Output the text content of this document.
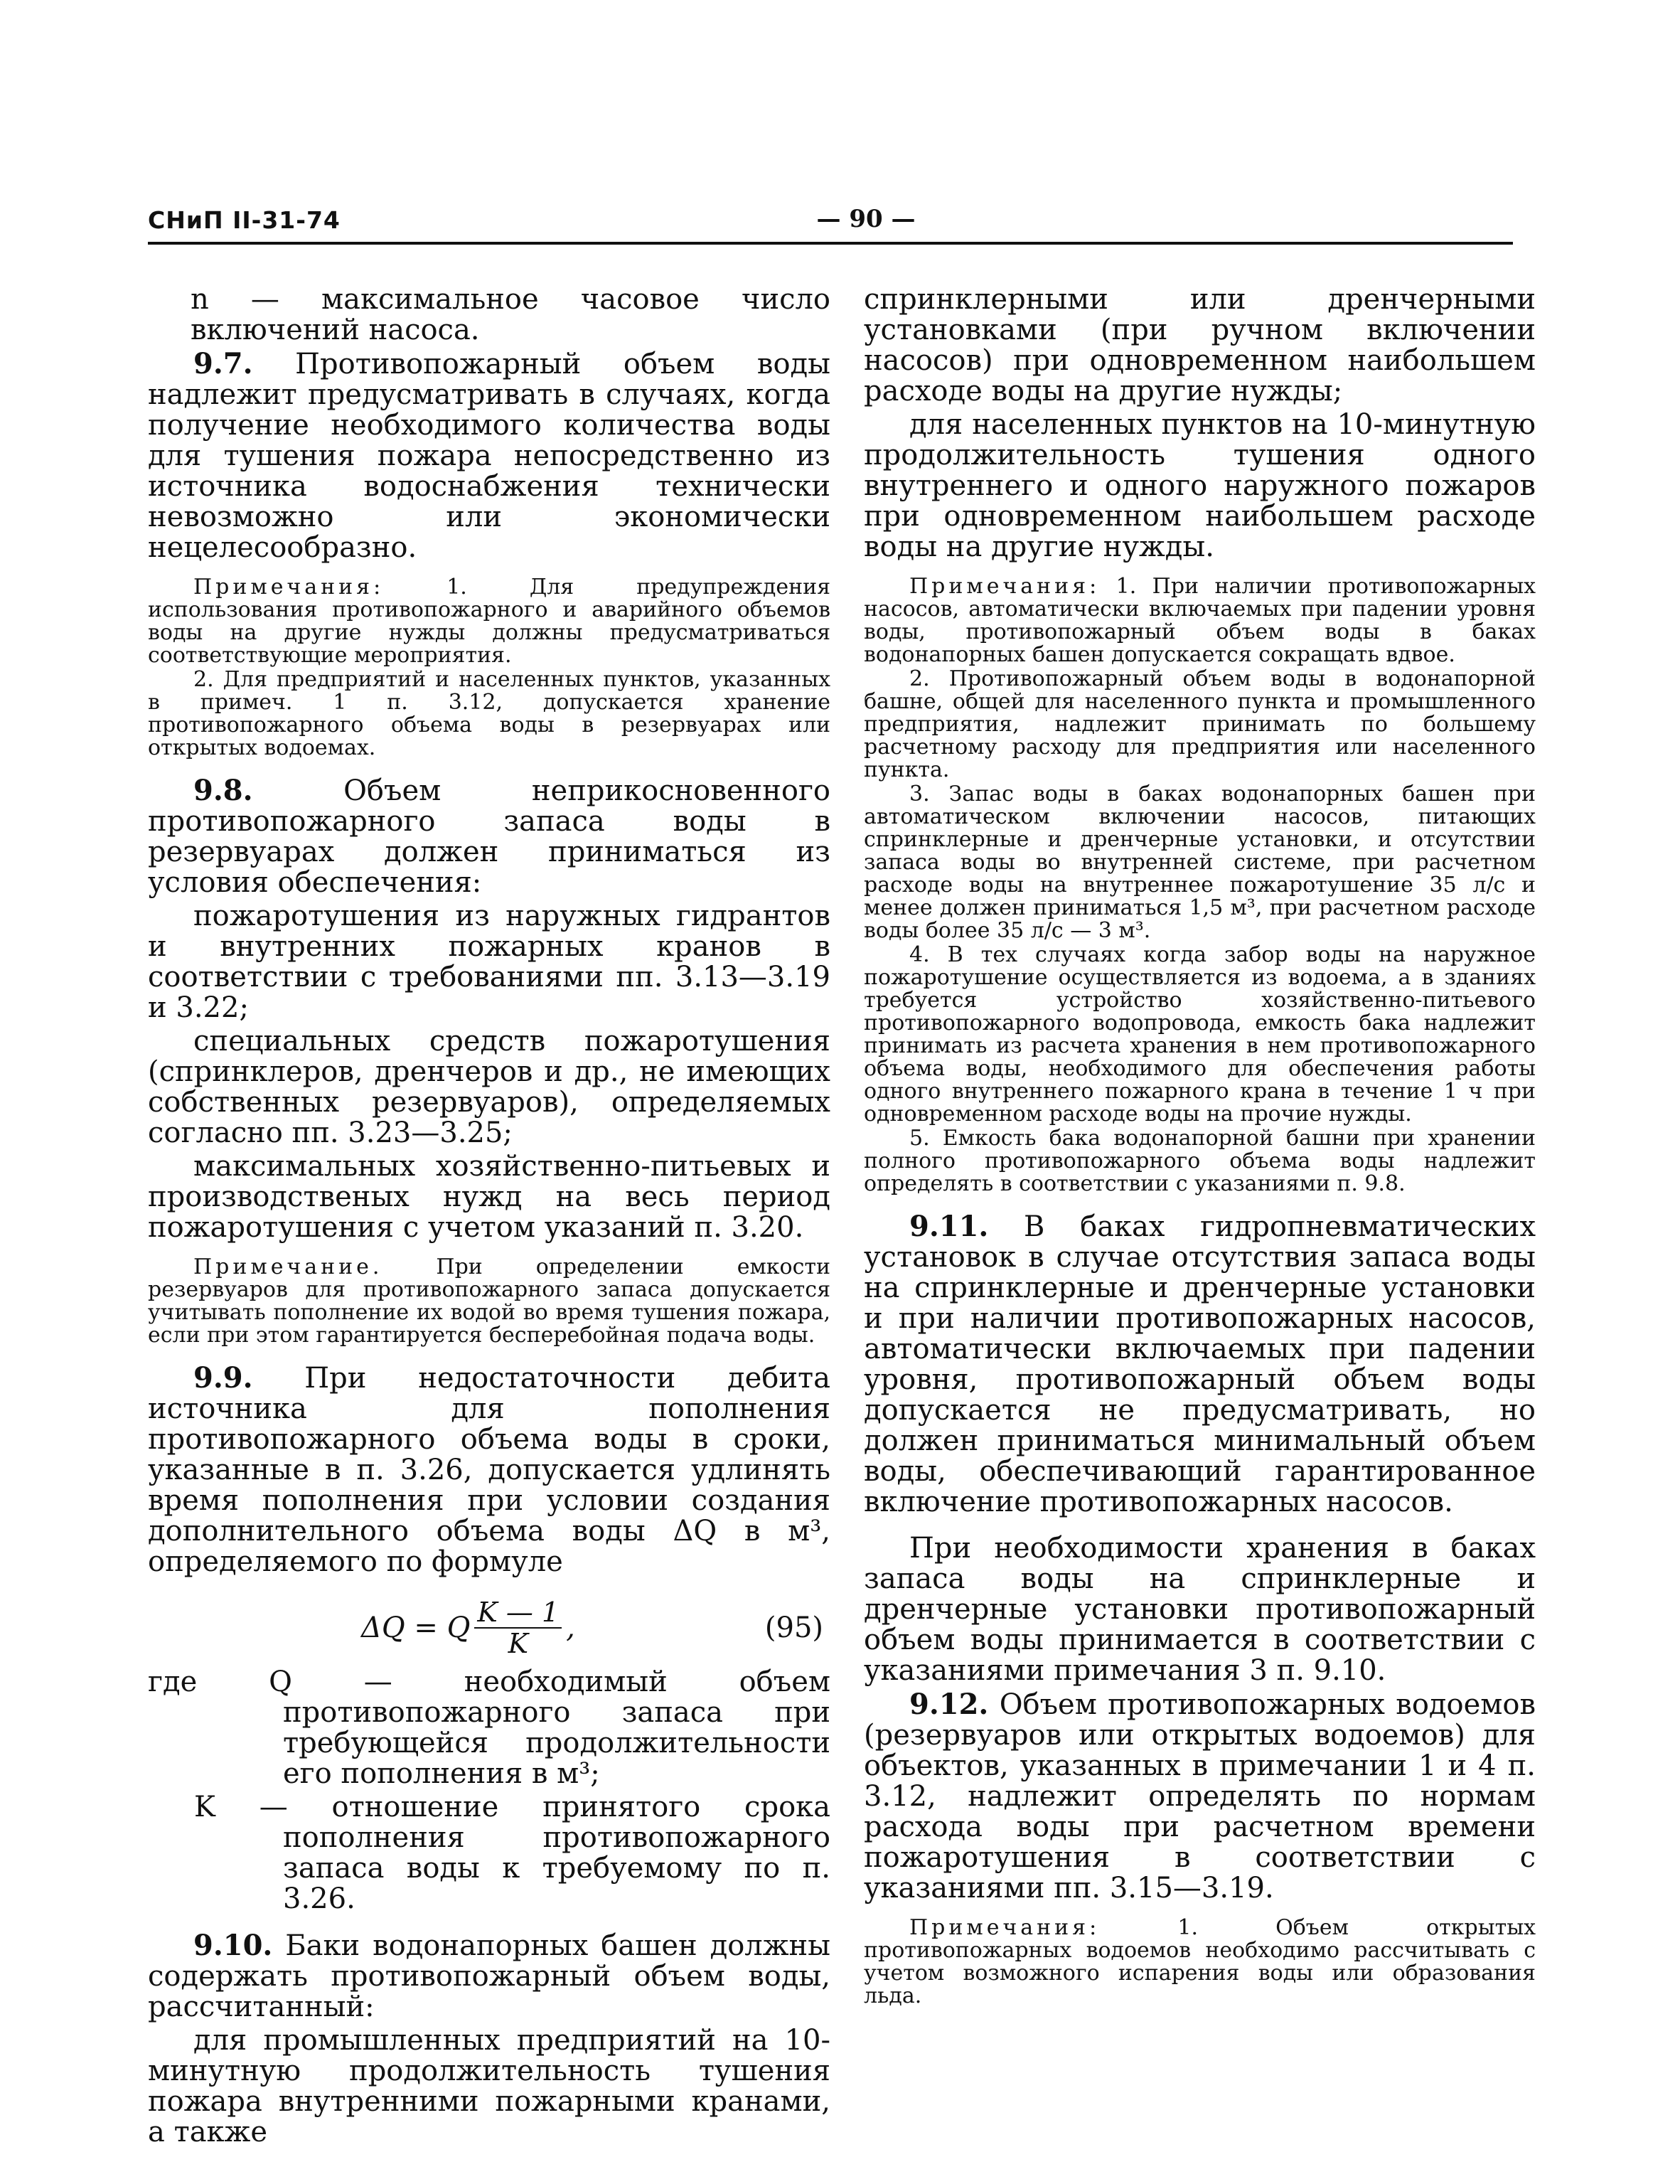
СНиП II-31-74	— 90 —

n — максимальное часовое число включений насоса.

9.7. Противопожарный объем воды надлежит предусматривать в случаях, когда получение необходимого количества воды для тушения пожара непосредственно из источника водоснабжения технически невозможно или экономически нецелесообразно.

Примечания:	1. Для предупреждения использования противопожарного и аварийного объемов воды на другие нужды должны предусматриваться соответствующие мероприятия.

2. Для предприятий и населенных пунктов, указанных в примеч. 1 п. 3.12, допускается хранение противопожарного объема воды в резервуарах или открытых водоемах.

9.8.	Объем неприкосновенного противопожарного запаса воды в резервуарах должен приниматься из условия обеспечения:

пожаротушения из наружных гидрантов и внутренних пожарных кранов в соответствии с требованиями пп. 3.13—3.19 и 3.22;

специальных средств пожаротушения (спринклеров, дренчеров и др., не имеющих собственных резервуаров), определяемых согласно пп. 3.23—3.25;

максимальных хозяйственно-питьевых и производственых нужд на весь период пожаротушения с учетом указаний п. 3.20.

Примечание. При определении емкости резервуаров для противопожарного запаса допускается учитывать пополнение их водой во время тушения пожара, если при этом гарантируется бесперебойная подача воды.

9.9. При недостаточности дебита источника для пополнения противопожарного объема воды в сроки, указанные в п. 3.26, допускается удлинять время пополнения при условии создания дополнительного объема воды ΔQ в м³, определяемого по формуле

ΔQ = Q $\frac{K — 1}{K}$ ,	(95)

где Q — необходимый объем противопожарного запаса при требующейся продолжительности его пополнения в м³;

K — отношение принятого срока пополнения противопожарного запаса воды к требуемому по п. 3.26.

9.10. Баки водонапорных башен должны содержать противопожарный объем воды, рассчитанный:

для промышленных предприятий на 10-минутную продолжительность тушения пожара внутренними пожарными кранами, а также

спринклерными или дренчерными установками (при ручном включении насосов) при одновременном наибольшем расходе воды на другие нужды;

для населенных пунктов на 10-минутную продолжительность тушения одного внутреннего и одного наружного пожаров при одновременном наибольшем расходе воды на другие нужды.

Примечания: 1. При наличии противопожарных насосов, автоматически включаемых при падении уровня воды, противопожарный объем воды в баках водонапорных башен допускается сокращать вдвое.

2. Противопожарный объем воды в водонапорной башне, общей для населенного пункта и промышленного предприятия, надлежит принимать по большему расчетному расходу для предприятия или населенного пункта.

3. Запас воды в баках водонапорных башен при автоматическом включении насосов, питающих спринклерные и дренчерные установки, и отсутствии запаса воды во внутренней системе, при расчетном расходе воды на внутреннее пожаротушение 35 л/с и менее должен приниматься 1,5 м³, при расчетном расходе воды более 35 л/с — 3 м³.

4. В тех случаях когда забор воды на наружное пожаротушение осуществляется из водоема, а в зданиях требуется устройство хозяйственно-питьевого противопожарного водопровода, емкость бака надлежит принимать из расчета хранения в нем противопожарного объема воды, необходимого для обеспечения работы одного внутреннего пожарного крана в течение 1 ч при одновременном расходе воды на прочие нужды.

5. Емкость бака водонапорной башни при хранении полного противопожарного объема воды надлежит определять в соответствии с указаниями п. 9.8.

9.11. В баках гидропневматических установок в случае отсутствия запаса воды на спринклерные и дренчерные установки и при наличии противопожарных насосов, автоматически включаемых при падении уровня, противопожарный объем воды допускается не предусматривать, но должен приниматься минимальный объем воды, обеспечивающий гарантированное включение противопожарных насосов.

При необходимости хранения в баках запаса воды на спринклерные и дренчерные установки противопожарный объем воды принимается в соответствии с указаниями примечания 3 п. 9.10.

9.12. Объем противопожарных водоемов (резервуаров или открытых водоемов) для объектов, указанных в примечании 1 и 4 п. 3.12, надлежит определять по нормам расхода воды при расчетном времени пожаротушения в соответствии с указаниями пп. 3.15—3.19.

Примечания:	1. Объем открытых противопожарных водоемов необходимо рассчитывать с учетом возможного испарения воды или образования льда.
